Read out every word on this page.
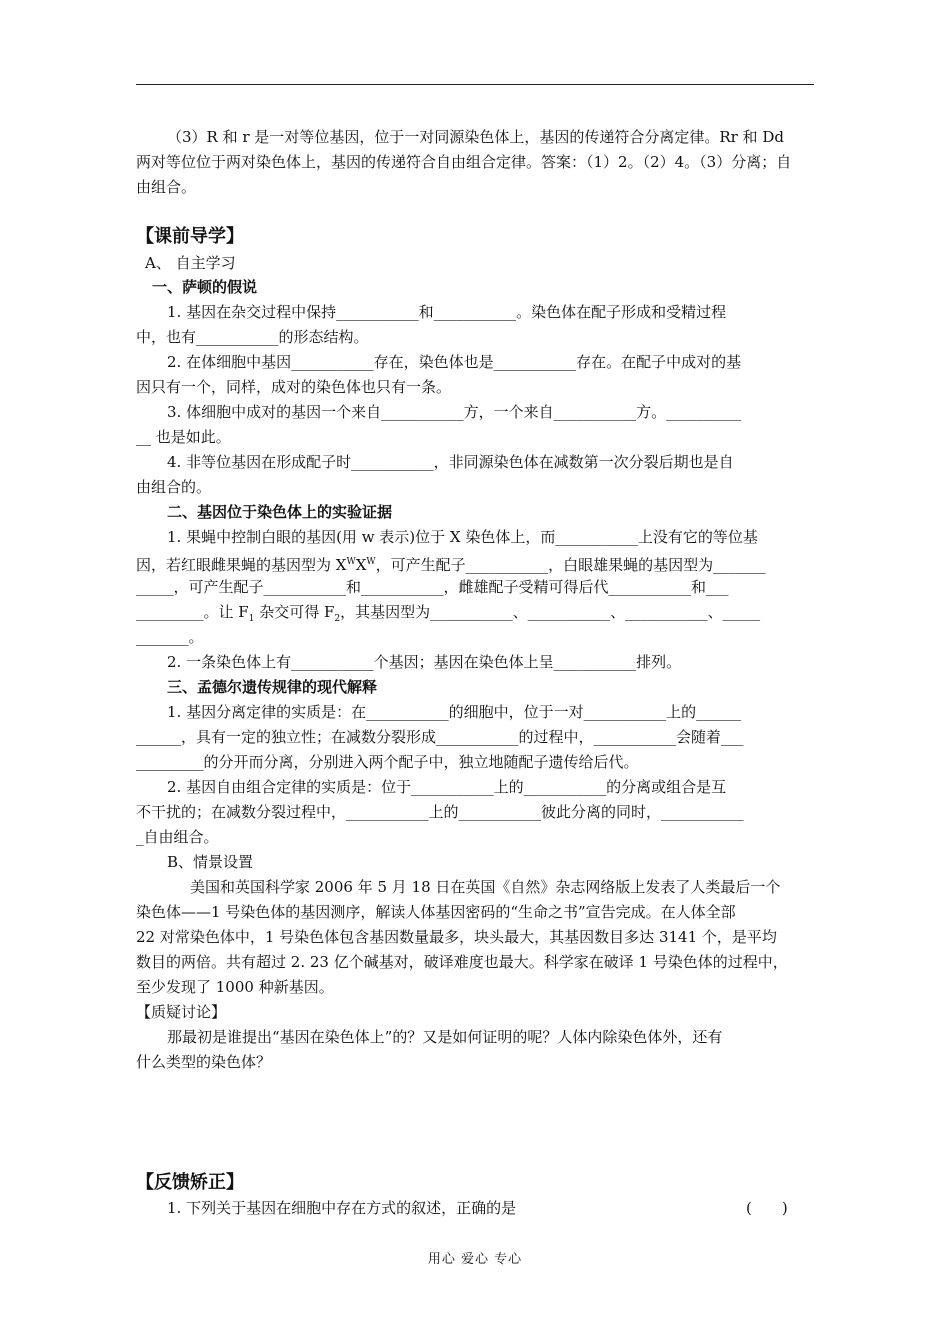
（3）R 和 r 是一对等位基因，位于一对同源染色体上，基因的传递符合分离定律。Rr 和 Dd
两对等位位于两对染色体上，基因的传递符合自由组合定律。答案：（1）2。（2）4。（3）分离；自
由组合。
【课前导学】
A、 自主学习
一、萨顿的假说
1. 基因在杂交过程中保持___________和___________。染色体在配子形成和受精过程
中，也有___________的形态结构。
2. 在体细胞中基因___________存在，染色体也是___________存在。在配子中成对的基
因只有一个，同样，成对的染色体也只有一条。
3. 体细胞中成对的基因一个来自___________方，一个来自___________方。__________
__ 也是如此。
4. 非等位基因在形成配子时___________，非同源染色体在减数第一次分裂后期也是自
由组合的。
二、基因位于染色体上的实验证据
1. 果蝇中控制白眼的基因(用 w 表示)位于 X 染色体上，而___________上没有它的等位基
因，若红眼雌果蝇的基因型为 $X^WX^W$，可产生配子___________，白眼雄果蝇的基因型为_______
_____，可产生配子___________和___________，雌雄配子受精可得后代___________和___
_________。让 $F_1$ 杂交可得 $F_2$，其基因型为___________、___________、___________、_____
_______。
2. 一条染色体上有___________个基因；基因在染色体上呈___________排列。
三、孟德尔遗传规律的现代解释
1. 基因分离定律的实质是：在___________的细胞中，位于一对___________上的______
______，具有一定的独立性；在减数分裂形成___________的过程中，___________会随着___
_________的分开而分离，分别进入两个配子中，独立地随配子遗传给后代。
2. 基因自由组合定律的实质是：位于___________上的___________的分离或组合是互
不干扰的；在减数分裂过程中，___________上的___________彼此分离的同时，___________
_自由组合。
B、情景设置
美国和英国科学家 2006 年 5 月 18 日在英国《自然》杂志网络版上发表了人类最后一个
染色体——1 号染色体的基因测序，解读人体基因密码的“生命之书”宣告完成。在人体全部
22 对常染色体中，1 号染色体包含基因数量最多，块头最大，其基因数目多达 3141 个，是平均
数目的两倍。共有超过 2. 23 亿个碱基对，破译难度也最大。科学家在破译 1 号染色体的过程中，
至少发现了 1000 种新基因。
【质疑讨论】
那最初是谁提出“基因在染色体上”的？又是如何证明的呢？人体内除染色体外，还有
什么类型的染色体？
【反馈矫正】
1. 下列关于基因在细胞中存在方式的叙述，正确的是	(　　)
用心 爱心 专心
